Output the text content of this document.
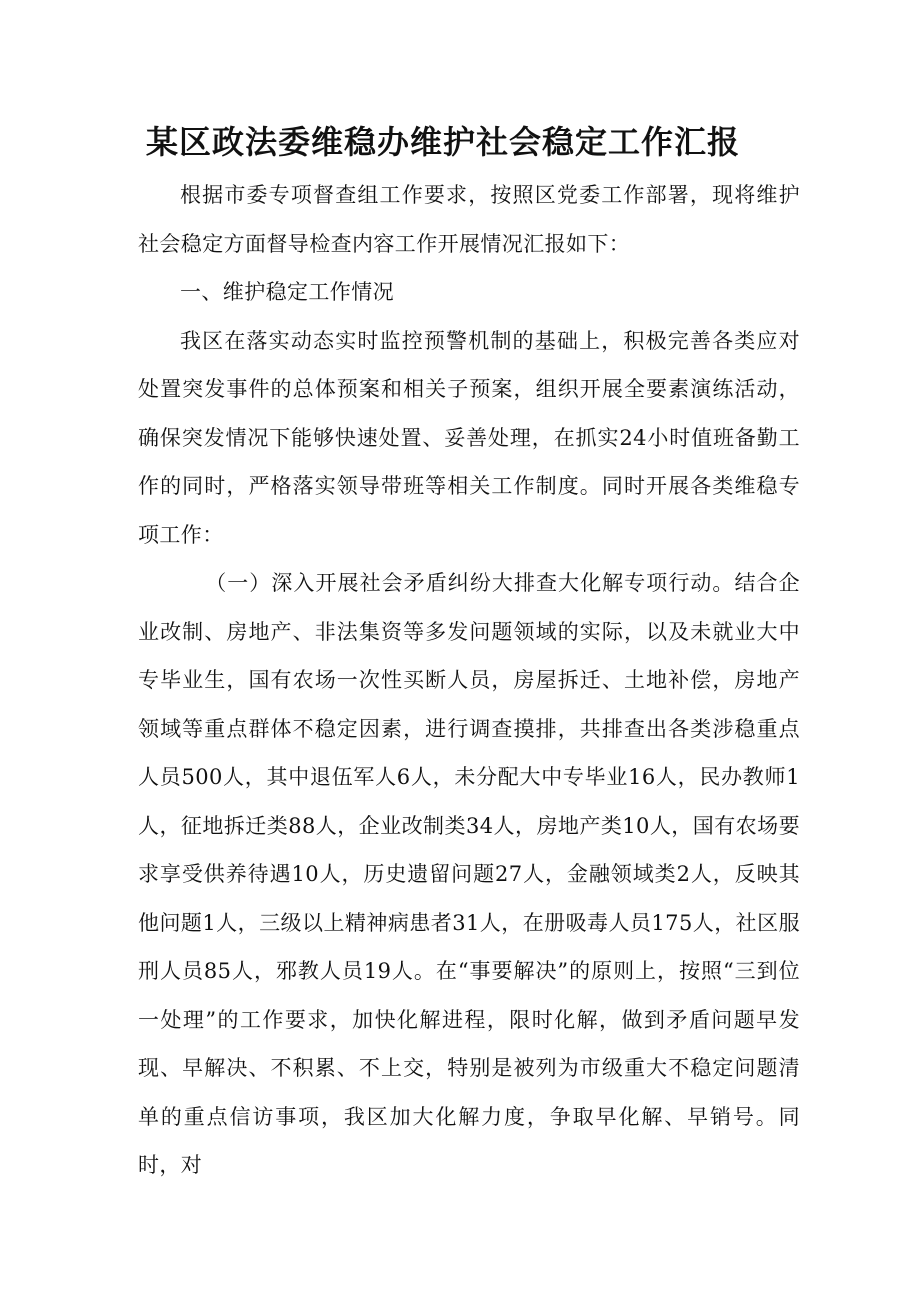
某区政法委维稳办维护社会稳定工作汇报

根据市委专项督查组工作要求，按照区党委工作部署，现将维护社会稳定方面督导检查内容工作开展情况汇报如下：

一、维护稳定工作情况

我区在落实动态实时监控预警机制的基础上，积极完善各类应对处置突发事件的总体预案和相关子预案，组织开展全要素演练活动，确保突发情况下能够快速处置、妥善处理，在抓实24小时值班备勤工作的同时，严格落实领导带班等相关工作制度。同时开展各类维稳专项工作：

（一）深入开展社会矛盾纠纷大排查大化解专项行动。结合企业改制、房地产、非法集资等多发问题领域的实际，以及未就业大中专毕业生，国有农场一次性买断人员，房屋拆迁、土地补偿，房地产领域等重点群体不稳定因素，进行调查摸排，共排查出各类涉稳重点人员500人，其中退伍军人6人，未分配大中专毕业16人，民办教师1人，征地拆迁类88人，企业改制类34人，房地产类10人，国有农场要求享受供养待遇10人，历史遗留问题27人，金融领域类2人，反映其他问题1人，三级以上精神病患者31人，在册吸毒人员175人，社区服刑人员85人，邪教人员19人。在“事要解决”的原则上，按照“三到位一处理”的工作要求，加快化解进程，限时化解，做到矛盾问题早发现、早解决、不积累、不上交，特别是被列为市级重大不稳定问题清单的重点信访事项，我区加大化解力度，争取早化解、早销号。同时，对
